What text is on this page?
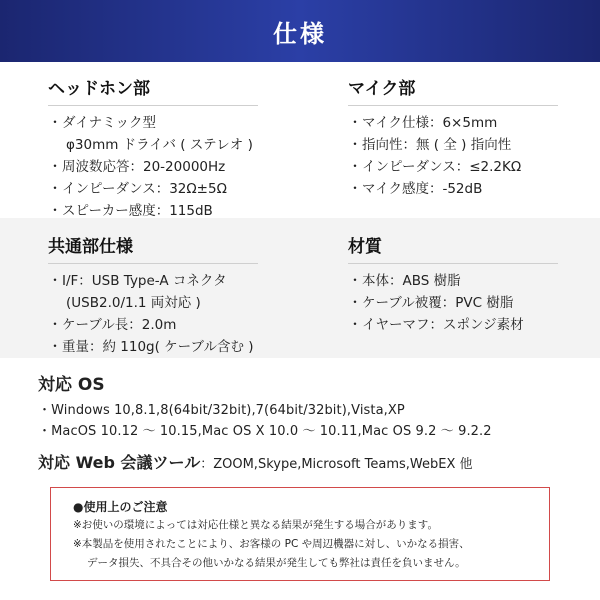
仕様
ヘッドホン部
・ダイナミック型
φ30mm ドライバ ( ステレオ )
・周波数応答：20-20000Hz
・インピーダンス：32Ω±5Ω
・スピーカー感度：115dB
マイク部
・マイク仕様：6×5mm
・指向性：無 ( 全 ) 指向性
・インピーダンス：≤2.2KΩ
・マイク感度：-52dB
共通部仕様
・I/F：USB Type-A コネクタ
(USB2.0/1.1 両対応 )
・ケーブル長：2.0m
・重量：約 110g( ケーブル含む )
材質
・本体：ABS 樹脂
・ケーブル被覆：PVC 樹脂
・イヤーマフ：スポンジ素材
対応 OS
・Windows 10,8.1,8(64bit/32bit),7(64bit/32bit),Vista,XP
・MacOS 10.12 ～ 10.15,Mac OS X 10.0 ～ 10.11,Mac OS 9.2 ～ 9.2.2
対応 Web 会議ツール：ZOOM,Skype,Microsoft Teams,WebEX 他
●使用上のご注意
※お使いの環境によっては対応仕様と異なる結果が発生する場合があります。
※本製品を使用されたことにより、お客様の PC や周辺機器に対し、いかなる損害、
データ損失、不具合その他いかなる結果が発生しても弊社は責任を負いません。
